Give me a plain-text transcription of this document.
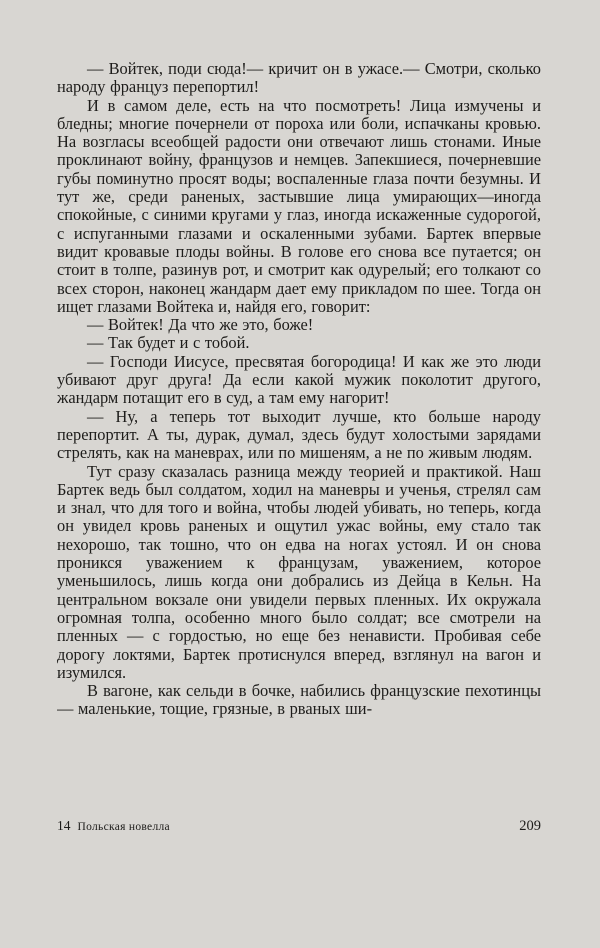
— Войтек, поди сюда!— кричит он в ужасе.— Смотри, сколько народу француз перепортил!

И в самом деле, есть на что посмотреть! Лица измучены и бледны; многие почернели от пороха или боли, испачканы кровью. На возгласы всеобщей радости они отвечают лишь стонами. Иные проклинают войну, французов и немцев. Запекшиеся, почерневшие губы поминутно просят воды; воспаленные глаза почти безумны. И тут же, среди раненых, застывшие лица умирающих—иногда спокойные, с синими кругами у глаз, иногда искаженные судорогой, с испуганными глазами и оскаленными зубами. Бартек впервые видит кровавые плоды войны. В голове его снова все путается; он стоит в толпе, разинув рот, и смотрит как одурелый; его толкают со всех сторон, наконец жандарм дает ему прикладом по шее. Тогда он ищет глазами Войтека и, найдя его, говорит:

— Войтек! Да что же это, боже!

— Так будет и с тобой.

— Господи Иисусе, пресвятая богородица! И как же это люди убивают друг друга! Да если какой мужик поколотит другого, жандарм потащит его в суд, а там ему нагорит!

— Ну, а теперь тот выходит лучше, кто больше народу перепортит. А ты, дурак, думал, здесь будут холостыми зарядами стрелять, как на маневрах, или по мишеням, а не по живым людям.

Тут сразу сказалась разница между теорией и практикой. Наш Бартек ведь был солдатом, ходил на маневры и ученья, стрелял сам и знал, что для того и война, чтобы людей убивать, но теперь, когда он увидел кровь раненых и ощутил ужас войны, ему стало так нехорошо, так тошно, что он едва на ногах устоял. И он снова проникся уважением к французам, уважением, которое уменьшилось, лишь когда они добрались из Дейца в Кельн. На центральном вокзале они увидели первых пленных. Их окружала огромная толпа, особенно много было солдат; все смотрели на пленных — с гордостью, но еще без ненависти. Пробивая себе дорогу локтями, Бартек протиснулся вперед, взглянул на вагон и изумился.

В вагоне, как сельди в бочке, набились французские пехотинцы — маленькие, тощие, грязные, в рваных ши-

14 Польская новелла	209
